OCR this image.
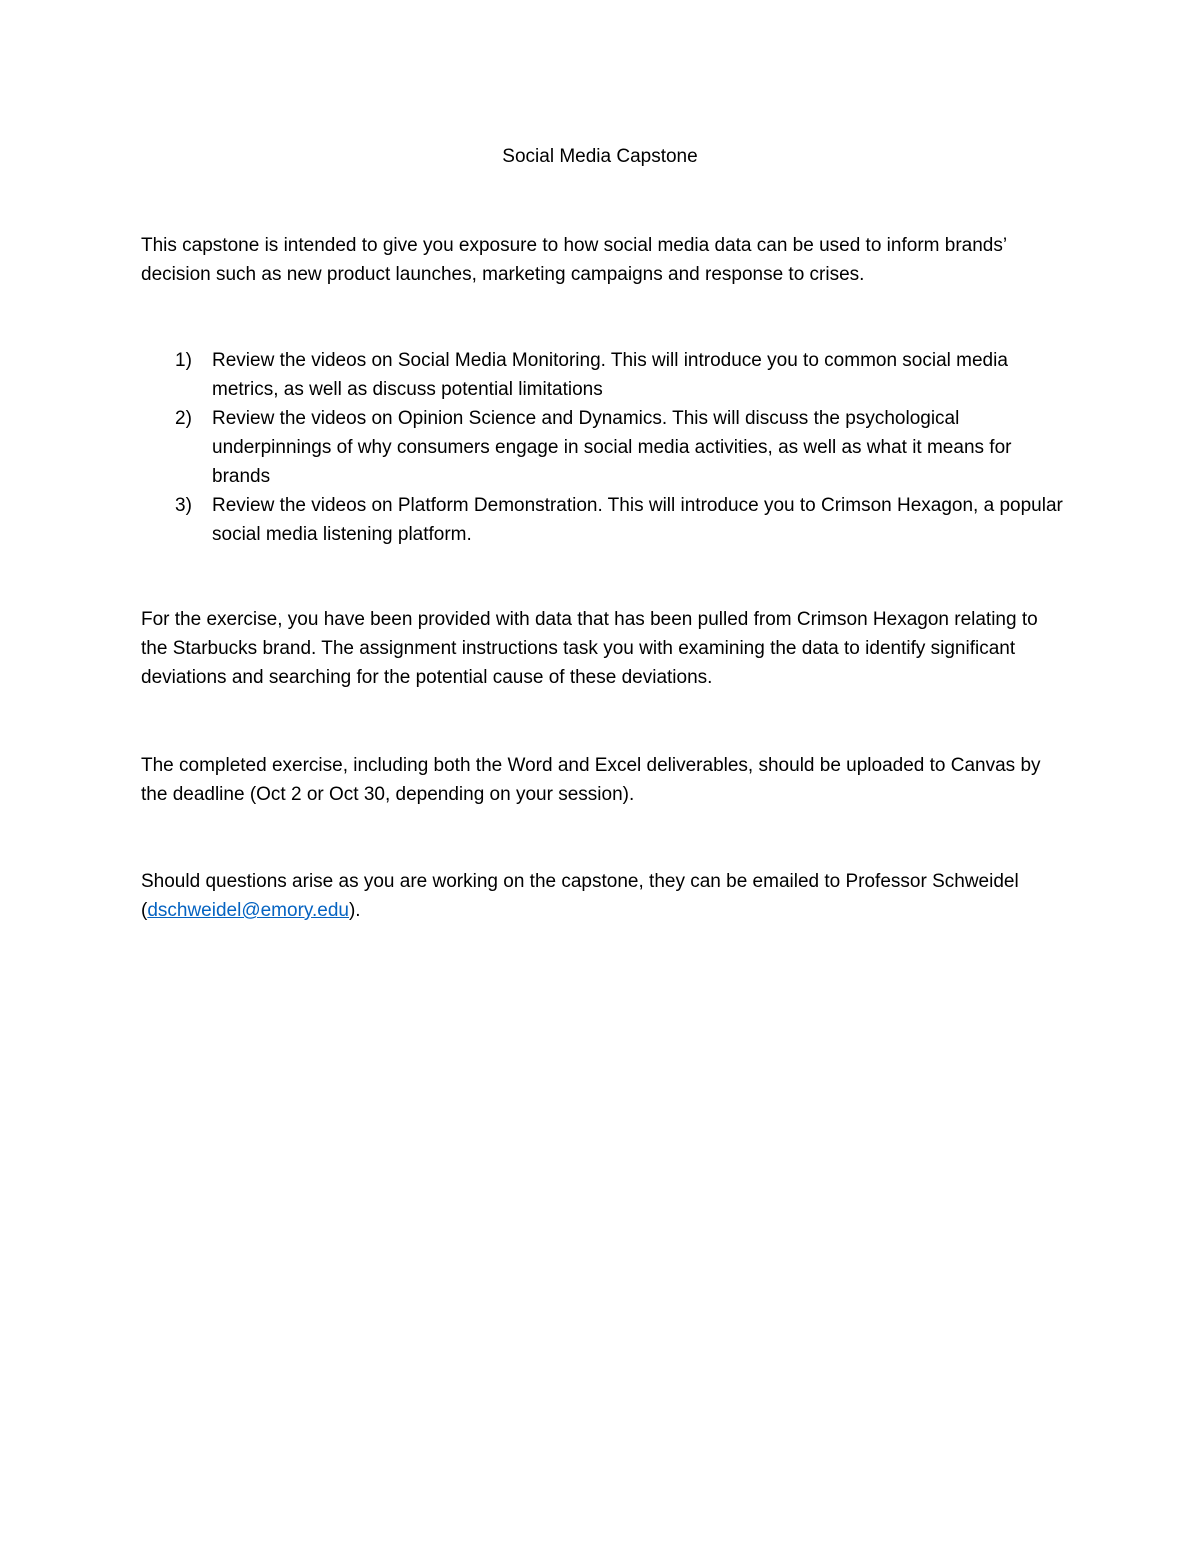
Social Media Capstone

This capstone is intended to give you exposure to how social media data can be used to inform brands’ decision such as new product launches, marketing campaigns and response to crises.

1) Review the videos on Social Media Monitoring. This will introduce you to common social media metrics, as well as discuss potential limitations
2) Review the videos on Opinion Science and Dynamics. This will discuss the psychological underpinnings of why consumers engage in social media activities, as well as what it means for brands
3) Review the videos on Platform Demonstration. This will introduce you to Crimson Hexagon, a popular social media listening platform.

For the exercise, you have been provided with data that has been pulled from Crimson Hexagon relating to the Starbucks brand. The assignment instructions task you with examining the data to identify significant deviations and searching for the potential cause of these deviations.

The completed exercise, including both the Word and Excel deliverables, should be uploaded to Canvas by the deadline (Oct 2 or Oct 30, depending on your session).

Should questions arise as you are working on the capstone, they can be emailed to Professor Schweidel (dschweidel@emory.edu).
